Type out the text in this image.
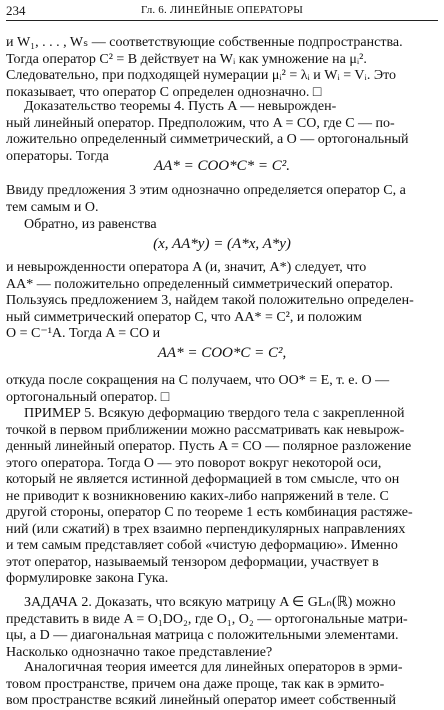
234	Гл. 6. ЛИНЕЙНЫЕ ОПЕРАТОРЫ
и W₁, . . . , Wₛ — соответствующие собственные подпространства.
Тогда оператор C² = B действует на Wᵢ как умножение на μᵢ².
Следовательно, при подходящей нумерации μᵢ² = λᵢ и Wᵢ = Vᵢ. Это
показывает, что оператор C определен однозначно. □
Доказательство теоремы 4. Пусть A — невырожден-
ный линейный оператор. Предположим, что A = CO, где C — по-
ложительно определенный симметрический, a O — ортогональный
операторы. Тогда
AA* = COO*C* = C².
Ввиду предложения 3 этим однозначно определяется оператор C, а
тем самым и O.
Обратно, из равенства
(x, AA*y) = (A*x, A*y)
и невырожденности оператора A (и, значит, A*) следует, что
AA* — положительно определенный симметрический оператор.
Пользуясь предложением 3, найдем такой положительно определен-
ный симметрический оператор C, что AA* = C², и положим
O = C⁻¹A. Тогда A = CO и
AA* = COO*C = C²,
откуда после сокращения на C получаем, что OO* = E, т. е. O —
ортогональный оператор. □
ПРИМЕР 5. Всякую деформацию твердого тела с закрепленной
точкой в первом приближении можно рассматривать как невырож-
денный линейный оператор. Пусть A = CO — полярное разложение
этого оператора. Тогда O — это поворот вокруг некоторой оси,
который не является истинной деформацией в том смысле, что он
не приводит к возникновению каких-либо напряжений в теле. С
другой стороны, оператор C по теореме 1 есть комбинация растяже-
ний (или сжатий) в трех взаимно перпендикулярных направлениях
и тем самым представляет собой «чистую деформацию». Именно
этот оператор, называемый тензором деформации, участвует в
формулировке закона Гука.
ЗАДАЧА 2. Доказать, что всякую матрицу A ∈ GLₙ(ℝ) можно
представить в виде A = O₁DO₂, где O₁, O₂ — ортогональные матри-
цы, а D — диагональная матрица с положительными элементами.
Насколько однозначно такое представление?
Аналогичная теория имеется для линейных операторов в эрми-
товом пространстве, причем она даже проще, так как в эрмито-
вом пространстве всякий линейный оператор имеет собственный
